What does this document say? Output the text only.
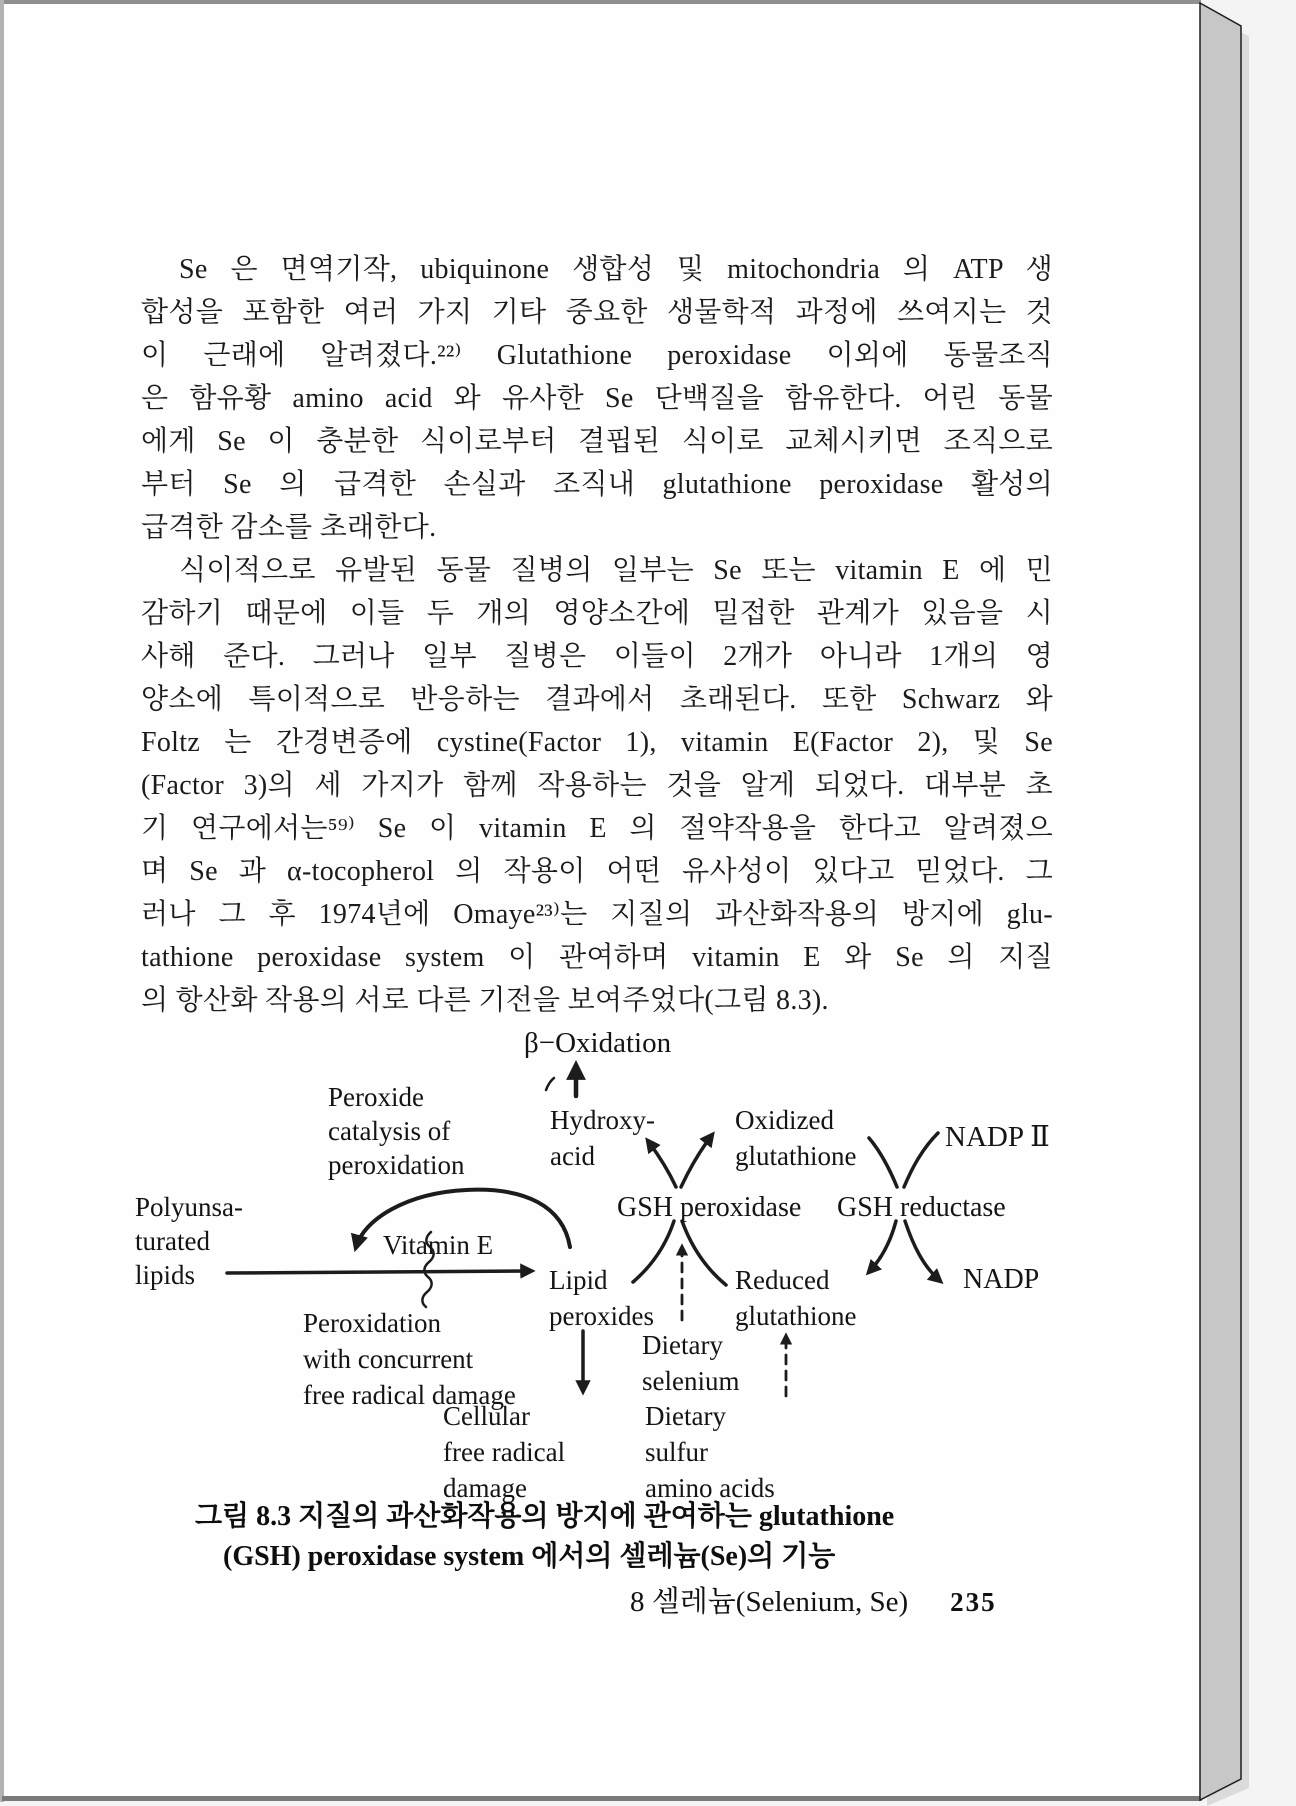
Se 은 면역기작, ubiquinone 생합성 및 mitochondria 의 ATP 생
합성을 포함한 여러 가지 기타 중요한 생물학적 과정에 쓰여지는 것
이 근래에 알려졌다.²²⁾ Glutathione peroxidase 이외에 동물조직
은 함유황 amino acid 와 유사한 Se 단백질을 함유한다. 어린 동물
에게 Se 이 충분한 식이로부터 결핍된 식이로 교체시키면 조직으로
부터 Se 의 급격한 손실과 조직내 glutathione peroxidase 활성의
급격한 감소를 초래한다.
식이적으로 유발된 동물 질병의 일부는 Se 또는 vitamin E 에 민
감하기 때문에 이들 두 개의 영양소간에 밀접한 관계가 있음을 시
사해 준다. 그러나 일부 질병은 이들이 2개가 아니라 1개의 영
양소에 특이적으로 반응하는 결과에서 초래된다. 또한 Schwarz 와
Foltz 는 간경변증에 cystine(Factor 1), vitamin E(Factor 2), 및 Se
(Factor 3)의 세 가지가 함께 작용하는 것을 알게 되었다. 대부분 초
기 연구에서는⁵⁹⁾ Se 이 vitamin E 의 절약작용을 한다고 알려졌으
며 Se 과 α-tocopherol 의 작용이 어떤 유사성이 있다고 믿었다. 그
러나 그 후 1974년에 Omaye²³⁾는 지질의 과산화작용의 방지에 glu-
tathione peroxidase system 이 관여하며 vitamin E 와 Se 의 지질
의 항산화 작용의 서로 다른 기전을 보여주었다(그림 8.3).
β−Oxidation
Peroxide
catalysis of
peroxidation
Hydroxy-
acid
Oxidized
glutathione
NADP Ⅱ
GSH peroxidase GSH reductase
Polyunsa-
turated
lipids
Vitamin E
Lipid
peroxides
Reduced
glutathione
NADP
Peroxidation
with concurrent
free radical damage
Dietary
selenium
Cellular
free radical
damage
Dietary
sulfur
amino acids
그림 8.3 지질의 과산화작용의 방지에 관여하는 glutathione
(GSH) peroxidase system 에서의 셀레늄(Se)의 기능
8 셀레늄(Selenium, Se) 235
